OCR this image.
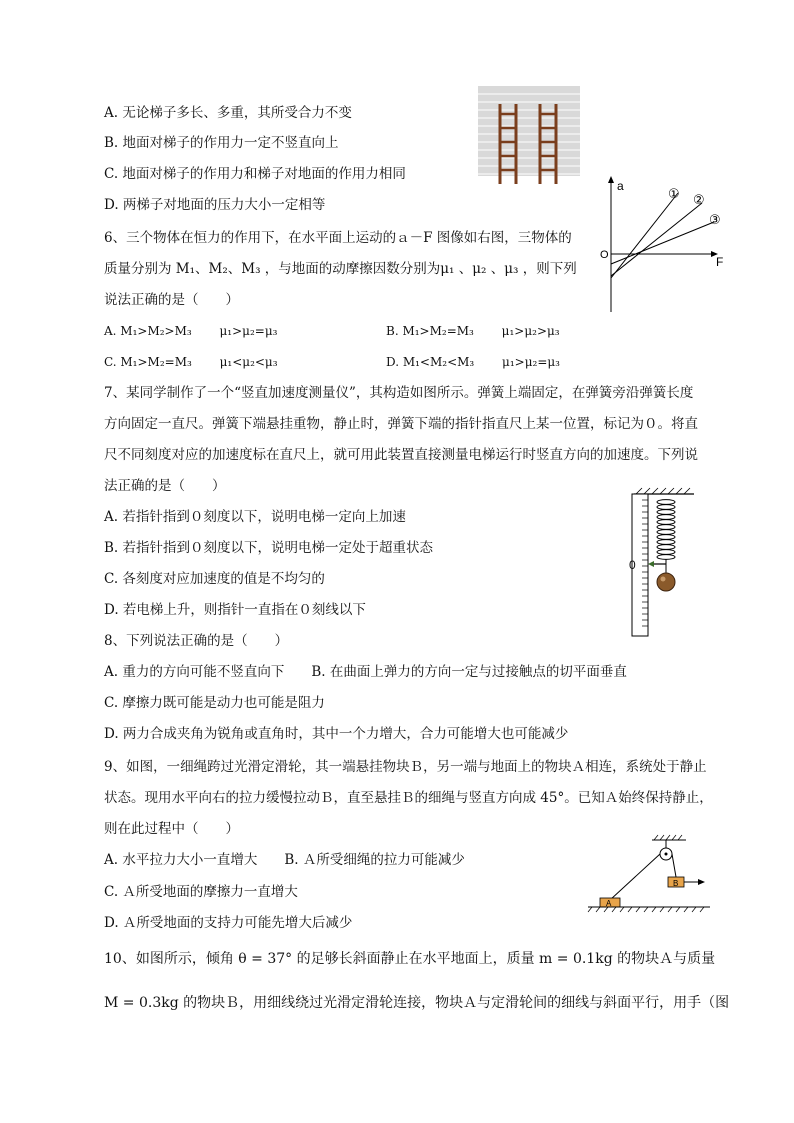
A. 无论梯子多长、多重，其所受合力不变
B. 地面对梯子的作用力一定不竖直向上
C. 地面对梯子的作用力和梯子对地面的作用力相同
D. 两梯子对地面的压力大小一定相等
6、三个物体在恒力的作用下，在水平面上运动的ａ－F 图像如右图，三物体的
质量分别为 M₁、M₂、M₃ ，与地面的动摩擦因数分别为μ₁ 、μ₂ 、μ₃ ，则下列
说法正确的是（　　）
A. M₁>M₂>M₃　　 μ₁>μ₂=μ₃	B. M₁>M₂=M₃　　 μ₁>μ₂>μ₃
C. M₁>M₂=M₃　　 μ₁<μ₂<μ₃	D. M₁<M₂<M₃　　 μ₁>μ₂=μ₃
a
O	F
① ②
③
7、某同学制作了一个“竖直加速度测量仪”，其构造如图所示。弹簧上端固定，在弹簧旁沿弹簧长度
方向固定一直尺。弹簧下端悬挂重物，静止时，弹簧下端的指针指直尺上某一位置，标记为０。将直
尺不同刻度对应的加速度标在直尺上，就可用此装置直接测量电梯运行时竖直方向的加速度。下列说
法正确的是（　　）
A. 若指针指到０刻度以下，说明电梯一定向上加速
B. 若指针指到０刻度以下，说明电梯一定处于超重状态
C. 各刻度对应加速度的值是不均匀的
D. 若电梯上升，则指针一直指在０刻线以下
0
8、下列说法正确的是（　　）
A. 重力的方向可能不竖直向下　　B. 在曲面上弹力的方向一定与过接触点的切平面垂直
C. 摩擦力既可能是动力也可能是阻力
D. 两力合成夹角为锐角或直角时，其中一个力增大，合力可能增大也可能减少
9、如图，一细绳跨过光滑定滑轮，其一端悬挂物块Ｂ，另一端与地面上的物块Ａ相连，系统处于静止
状态。现用水平向右的拉力缓慢拉动Ｂ，直至悬挂Ｂ的细绳与竖直方向成 45°。已知Ａ始终保持静止，
则在此过程中（　　）
A. 水平拉力大小一直增大　　B. Ａ所受细绳的拉力可能减少
C. Ａ所受地面的摩擦力一直增大
D. Ａ所受地面的支持力可能先增大后减少
A
B
10、如图所示，倾角 θ = 37° 的足够长斜面静止在水平地面上，质量 m = 0.1kg 的物块Ａ与质量
M = 0.3kg 的物块Ｂ，用细线绕过光滑定滑轮连接，物块Ａ与定滑轮间的细线与斜面平行，用手（图
